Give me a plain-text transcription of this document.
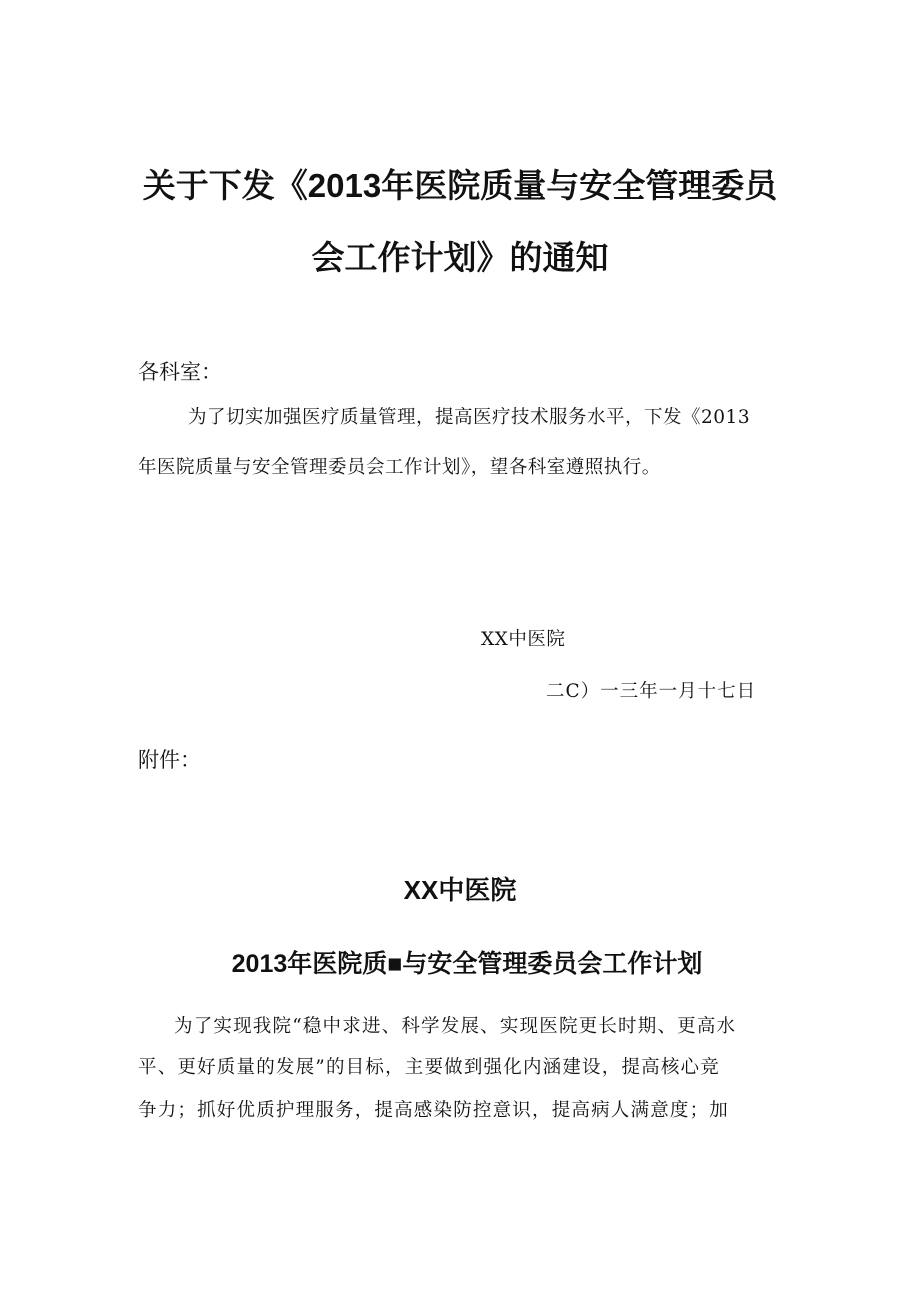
关于下发《2013年医院质量与安全管理委员
会工作计划》的通知

各科室：

为了切实加强医疗质量管理，提高医疗技术服务水平，下发《2013

年医院质量与安全管理委员会工作计划》，望各科室遵照执行。

XX中医院

二C）一三年一月十七日

附件：

XX中医院
2013年医院质■与安全管理委员会工作计划

为了实现我院“稳中求进、科学发展、实现医院更长时期、更高水

平、更好质量的发展”的目标，主要做到强化内涵建设，提高核心竞

争力；抓好优质护理服务，提高感染防控意识，提高病人满意度；加
